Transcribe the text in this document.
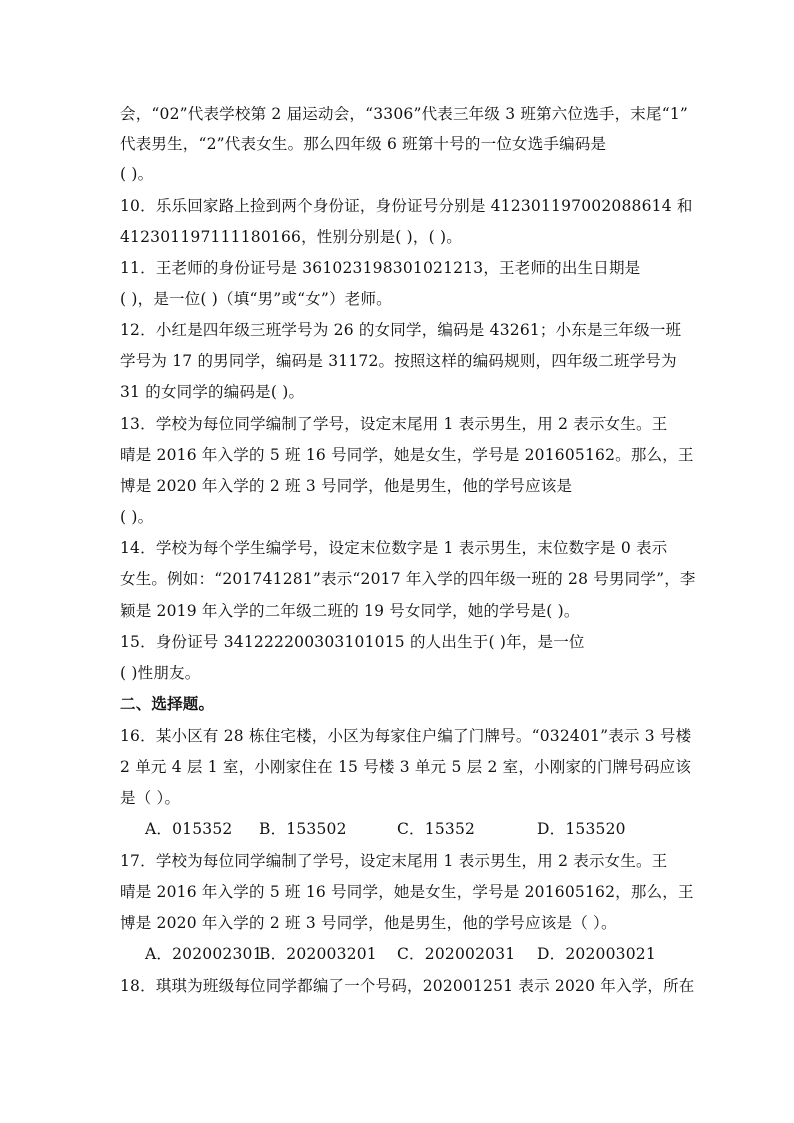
会，“02”代表学校第 2 届运动会，“3306”代表三年级 3 班第六位选手，末尾“1”
代表男生，“2”代表女生。那么四年级 6 班第十号的一位女选手编码是
( )。
10．乐乐回家路上捡到两个身份证，身份证号分别是 412301197002088614 和
412301197111180166，性别分别是( )，( )。
11．王老师的身份证号是 361023198301021213，王老师的出生日期是
( )，是一位( )（填“男”或“女”）老师。
12．小红是四年级三班学号为 26 的女同学，编码是 43261；小东是三年级一班
学号为 17 的男同学，编码是 31172。按照这样的编码规则，四年级二班学号为
31 的女同学的编码是( )。
13．学校为每位同学编制了学号，设定末尾用 1 表示男生，用 2 表示女生。王
晴是 2016 年入学的 5 班 16 号同学，她是女生，学号是 201605162。那么，王
博是 2020 年入学的 2 班 3 号同学，他是男生，他的学号应该是
( )。
14．学校为每个学生编学号，设定末位数字是 1 表示男生，末位数字是 0 表示
女生。例如：“201741281”表示“2017 年入学的四年级一班的 28 号男同学”，李
颖是 2019 年入学的二年级二班的 19 号女同学，她的学号是( )。
15．身份证号 341222200303101015 的人出生于( )年，是一位
( )性朋友。
二、选择题。
16．某小区有 28 栋住宅楼，小区为每家住户编了门牌号。“032401”表示 3 号楼
2 单元 4 层 1 室，小刚家住在 15 号楼 3 单元 5 层 2 室，小刚家的门牌号码应该
是（ ）。
A．015352 B．153502	C．15352	D．153520
17．学校为每位同学编制了学号，设定末尾用 1 表示男生，用 2 表示女生。王
晴是 2016 年入学的 5 班 16 号同学，她是女生，学号是 201605162，那么，王
博是 2020 年入学的 2 班 3 号同学，他是男生，他的学号应该是（ ）。
A．202002301
B．202003201 C．202002031 D．202003021
18．琪琪为班级每位同学都编了一个号码，202001251 表示 2020 年入学，所在
